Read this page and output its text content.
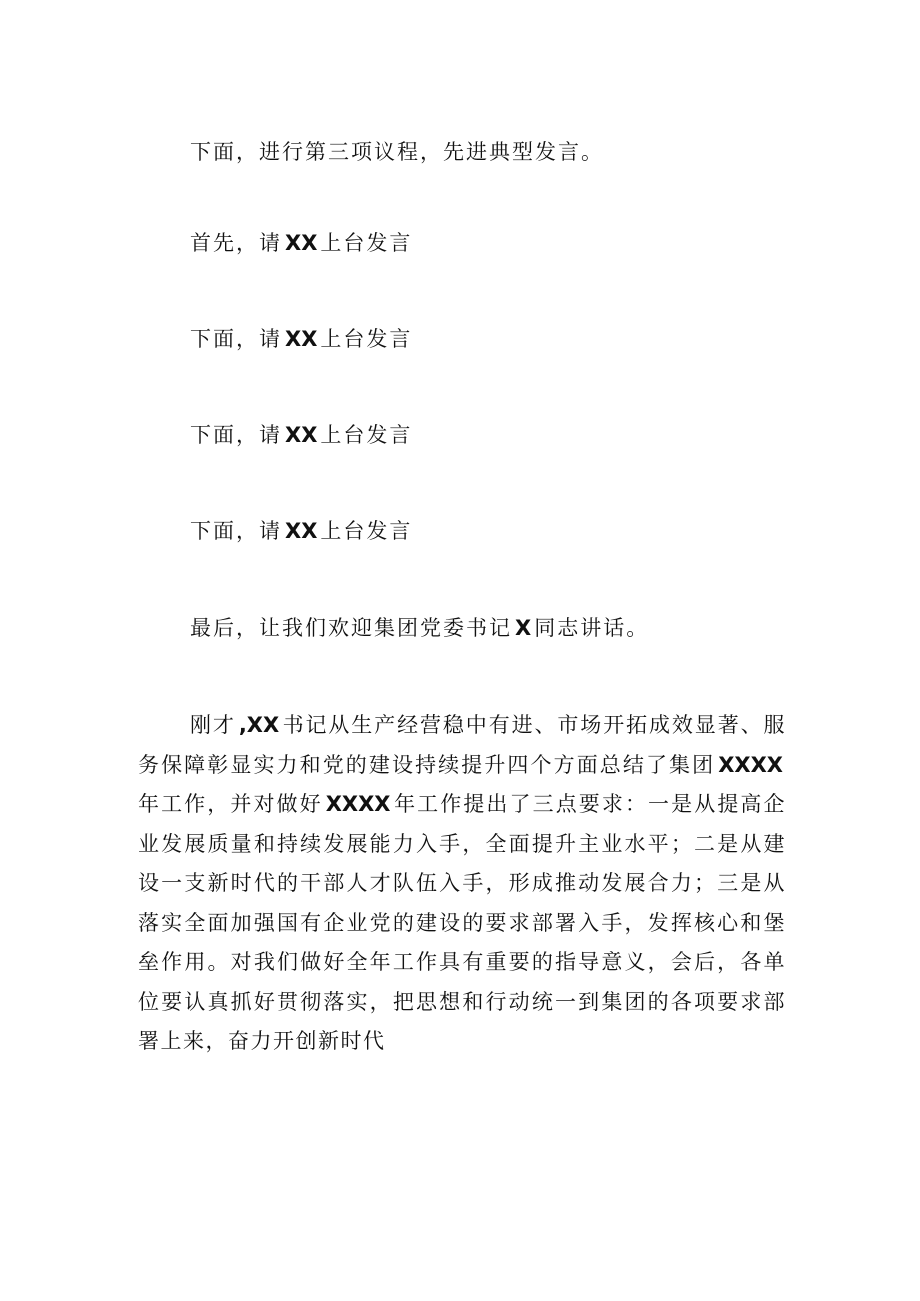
下面，进行第三项议程，先进典型发言。
首先，请 XX 上台发言
下面，请 XX 上台发言
下面，请 XX 上台发言
下面，请 XX 上台发言
最后，让我们欢迎集团党委书记 X 同志讲话。
刚才 ,XX 书记从生产经营稳中有进、市场开拓成效显著、服
务保障彰显实力和党的建设持续提升四个方面总结了集团 XXXX
年工作，并对做好 XXXX 年工作提出了三点要求：一是从提高企
业发展质量和持续发展能力入手，全面提升主业水平；二是从建
设一支新时代的干部人才队伍入手，形成推动发展合力；三是从
落实全面加强国有企业党的建设的要求部署入手，发挥核心和堡
垒作用。对我们做好全年工作具有重要的指导意义，会后，各单
位要认真抓好贯彻落实，把思想和行动统一到集团的各项要求部
署上来，奋力开创新时代
